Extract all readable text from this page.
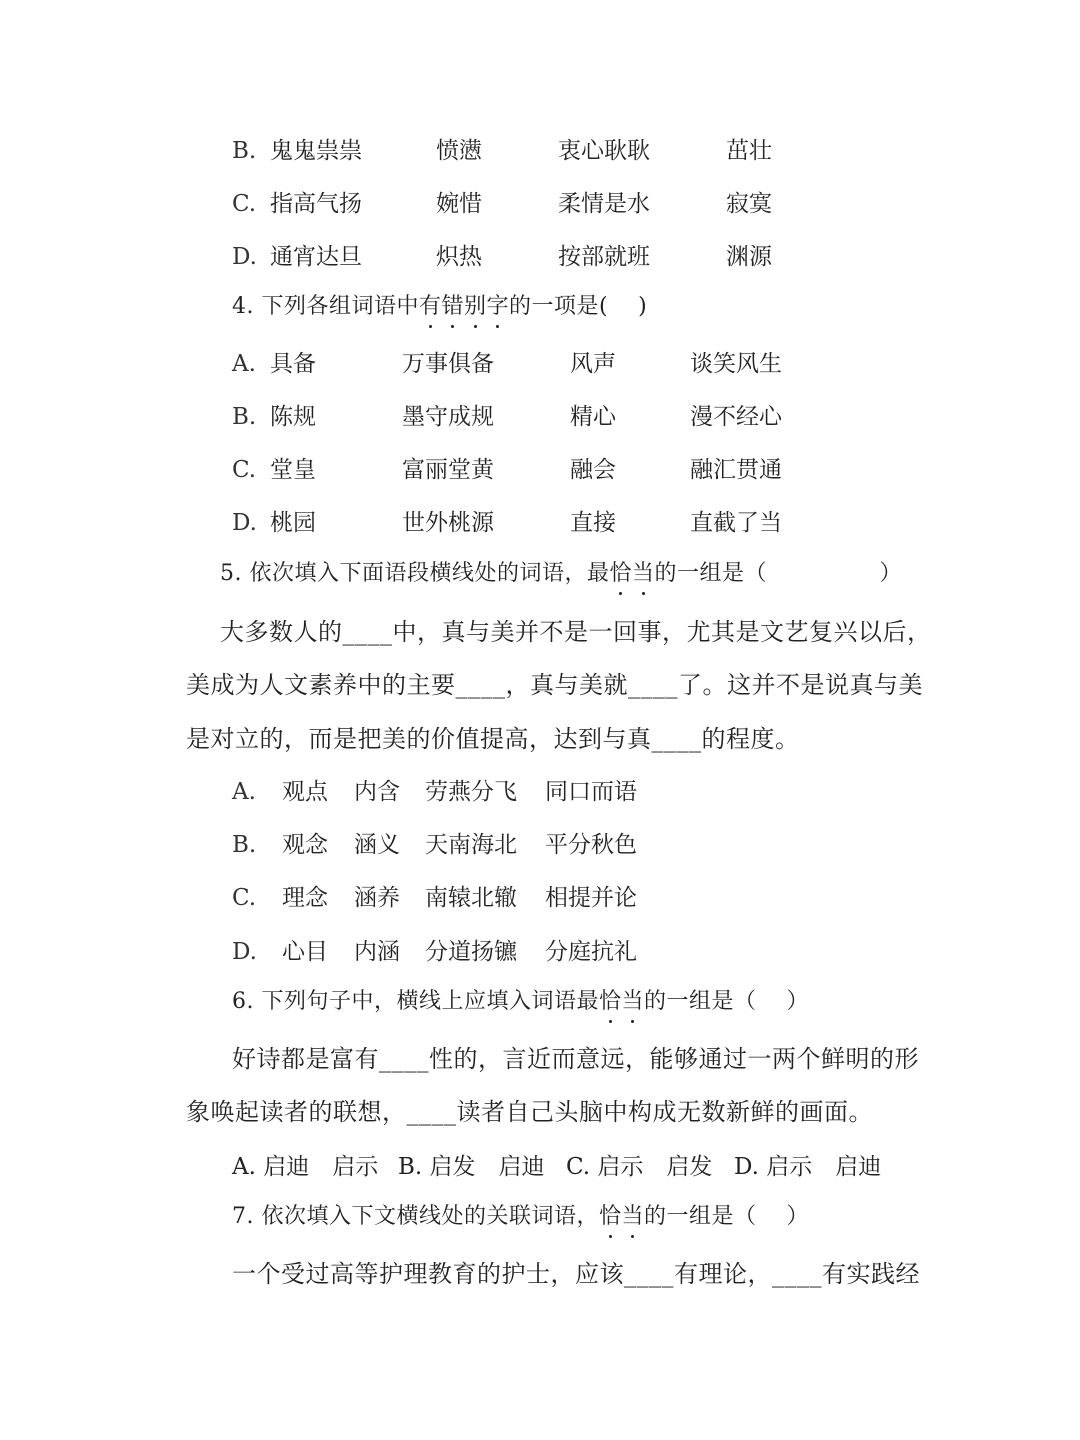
B. 鬼鬼祟祟	愤懑	衷心耿耿	茁壮
C. 指高气扬	婉惜	柔情是水	寂寞
D. 通宵达旦	炽热	按部就班	渊源
4. 下列各组词语中有错别字的一项是(　 )
A. 具备	万事俱备	风声	谈笑风生
B. 陈规	墨守成规	精心	漫不经心
C. 堂皇	富丽堂黄	融会	融汇贯通
D. 桃园	世外桃源	直接	直截了当
5. 依次填入下面语段横线处的词语，最恰当的一组是（　　　　　）
大多数人的____中，真与美并不是一回事，尤其是文艺复兴以后，
美成为人文素养中的主要____，真与美就____了。这并不是说真与美
是对立的，而是把美的价值提高，达到与真____的程度。
A. 观点 内含 劳燕分飞 同口而语
B. 观念 涵义 天南海北 平分秋色
C. 理念 涵养 南辕北辙 相提并论
D. 心目 内涵 分道扬镳 分庭抗礼
6. 下列句子中，横线上应填入词语最恰当的一组是（　 ）
好诗都是富有____性的，言近而意远，能够通过一两个鲜明的形
象唤起读者的联想，____读者自己头脑中构成无数新鲜的画面。
A. 启迪　启示 B. 启发　启迪 C. 启示　启发 D. 启示　启迪
7. 依次填入下文横线处的关联词语，恰当的一组是（　 ）
一个受过高等护理教育的护士，应该____有理论，____有实践经
